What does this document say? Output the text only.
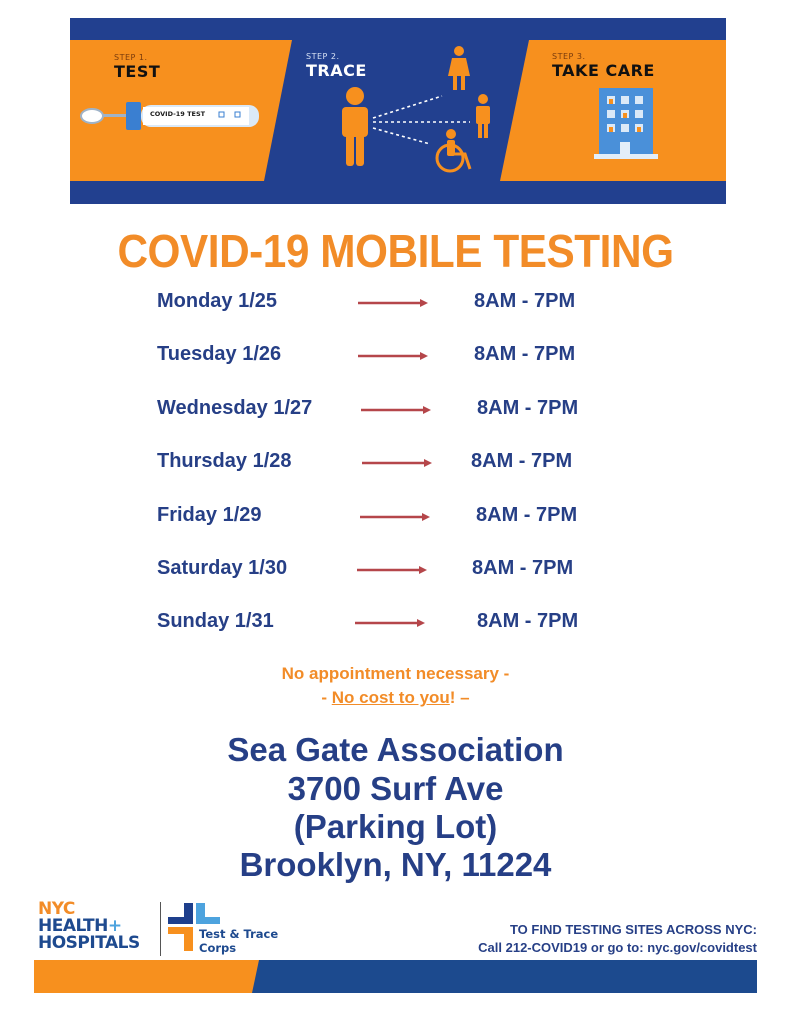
STEP 1.
TEST
COVID-19 TEST
STEP 2.
TRACE
STEP 3.
TAKE CARE
COVID-19 MOBILE TESTING
Monday 1/25	8AM - 7PM
Tuesday 1/26	8AM - 7PM
Wednesday 1/27	8AM - 7PM
Thursday 1/28	8AM - 7PM
Friday 1/29	8AM - 7PM
Saturday 1/30	8AM - 7PM
Sunday 1/31	8AM - 7PM
No appointment necessary -
- No cost to you! –
Sea Gate Association
3700 Surf Ave
(Parking Lot)
Brooklyn, NY, 11224
NYC
HEALTH+
HOSPITALS	Test & Trace
Corps
TO FIND TESTING SITES ACROSS NYC:
Call 212-COVID19 or go to: nyc.gov/covidtest
